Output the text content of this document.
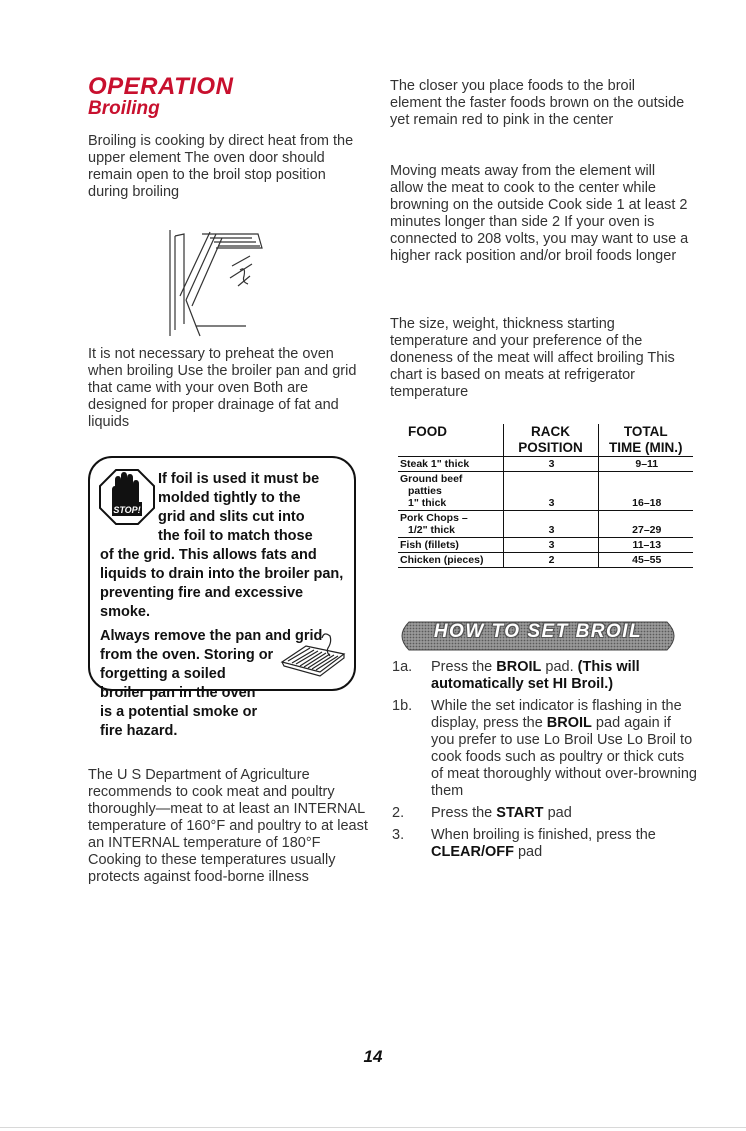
OPERATION
Broiling

Broiling is cooking by direct heat from the upper element The oven door should remain open to the broil stop position during broiling

It is not necessary to preheat the oven when broiling Use the broiler pan and grid that came with your oven Both are designed for proper drainage of fat and liquids

STOP!

If foil is used it must be
molded tightly to the
grid and slits cut into
the foil to match those
of the grid. This allows fats and liquids to drain into the broiler pan, preventing fire and excessive smoke.
Always remove the pan and grid
from the oven. Storing or
forgetting a soiled
broiler pan in the oven
is a potential smoke or
fire hazard.

The U S Department of Agriculture recommends to cook meat and poultry thoroughly—meat to at least an INTERNAL temperature of 160°F and poultry to at least an INTERNAL temperature of 180°F Cooking to these temperatures usually protects against food-borne illness

The closer you place foods to the broil element the faster foods brown on the outside yet remain red to pink in the center

Moving meats away from the element will allow the meat to cook to the center while browning on the outside Cook side 1 at least 2 minutes longer than side 2 If your oven is connected to 208 volts, you may want to use a higher rack position and/or broil foods longer

The size, weight, thickness starting temperature and your preference of the doneness of the meat will affect broiling This chart is based on meats at refrigerator temperature

FOOD	RACK	TOTAL
	POSITION	TIME (MIN.)

Steak 1" thick	3	9–11

Ground beef
patties
1" thick	3	16–18

Pork Chops –
1/2" thick	3	27–29

Fish (fillets)	3	11–13

Chicken (pieces)	2	45–55
HOW TO SET BROIL
1a. Press the BROIL pad. (This will automatically set HI Broil.)
1b. While the set indicator is flashing in the display, press the BROIL pad again if you prefer to use Lo Broil Use Lo Broil to cook foods such as poultry or thick cuts of meat thoroughly without over-browning them
2. Press the START pad
3. When broiling is finished, press the CLEAR/OFF pad
14
